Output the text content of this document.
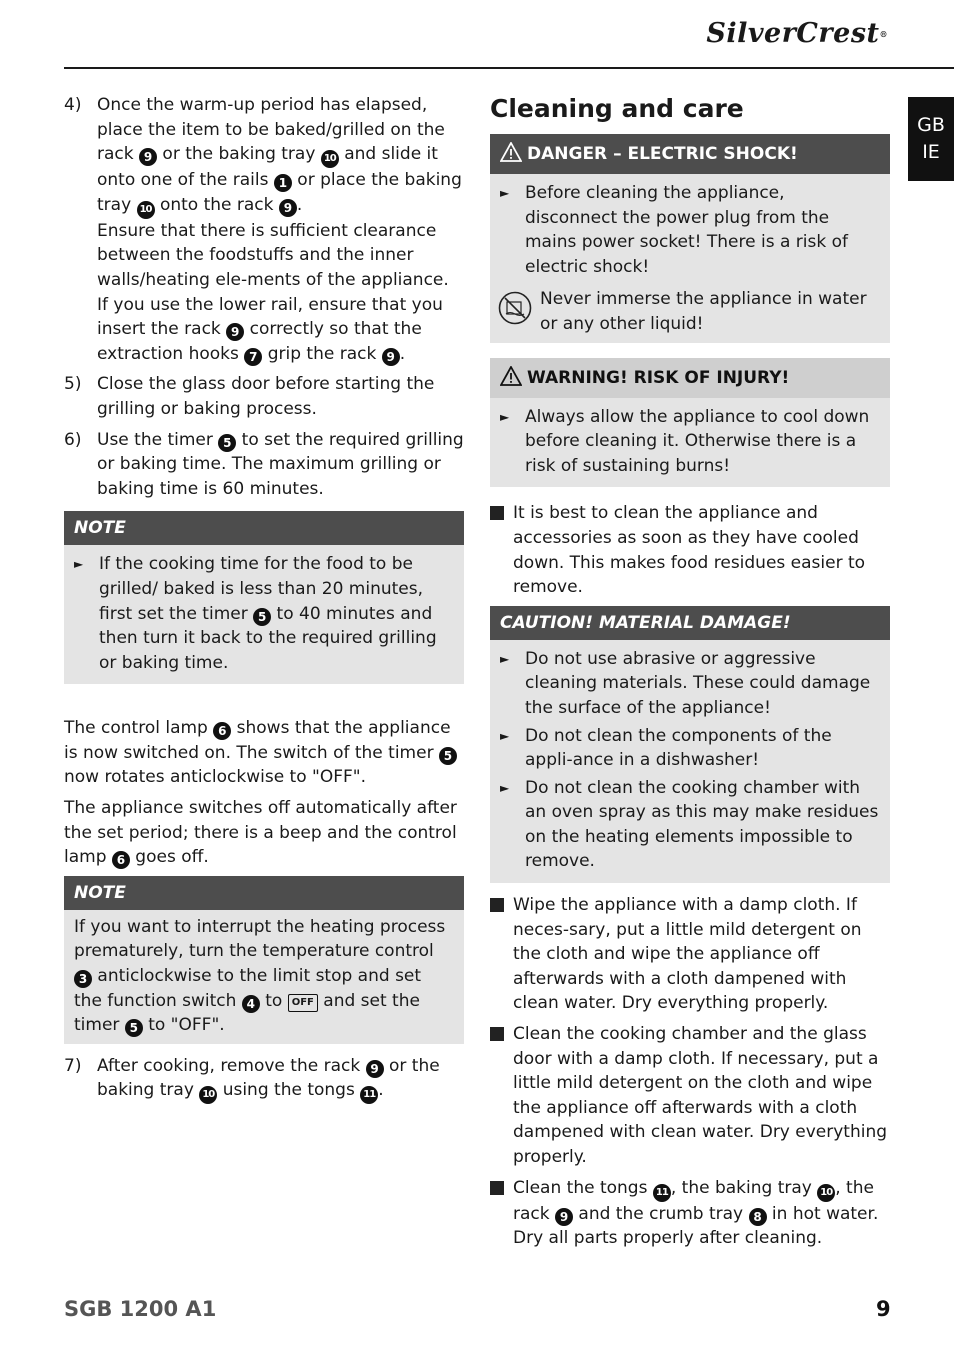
SilverCrest®
GB
IE
4) Once the warm-up period has elapsed, place the item to be baked/grilled on the rack 9 or the baking tray 10 and slide it onto one of the rails 1 or place the baking tray 10 onto the rack 9 .
Ensure that there is sufficient clearance between the foodstuffs and the inner walls/heating ele-ments of the appliance.
If you use the lower rail, ensure that you insert the rack 9 correctly so that the extraction hooks 7 grip the rack 9 .
5) Close the glass door before starting the grilling or baking process.
6) Use the timer 5 to set the required grilling or baking time. The maximum grilling or baking time is 60 minutes.
NOTE
► If the cooking time for the food to be grilled/ baked is less than 20 minutes, first set the timer 5 to 40 minutes and then turn it back to the required grilling or baking time.
The control lamp 6 shows that the appliance is now switched on. The switch of the timer 5 now rotates anticlockwise to "OFF".
The appliance switches off automatically after the set period; there is a beep and the control lamp 6 goes off.
NOTE
If you want to interrupt the heating process prematurely, turn the temperature control 3 anticlockwise to the limit stop and set the function switch 4 to OFF and set the timer 5 to "OFF".
7) After cooking, remove the rack 9 or the baking tray 10 using the tongs 11 .
Cleaning and care
DANGER – ELECTRIC SHOCK!
► Before cleaning the appliance, disconnect the power plug from the mains power socket! There is a risk of electric shock!
Never immerse the appliance in water or any other liquid!
WARNING! RISK OF INJURY!
► Always allow the appliance to cool down before cleaning it. Otherwise there is a risk of sustaining burns!
It is best to clean the appliance and accessories as soon as they have cooled down. This makes food residues easier to remove.
CAUTION! MATERIAL DAMAGE!
► Do not use abrasive or aggressive cleaning materials. These could damage the surface of the appliance!
► Do not clean the components of the appli-ance in a dishwasher!
► Do not clean the cooking chamber with an oven spray as this may make residues on the heating elements impossible to remove.
Wipe the appliance with a damp cloth. If neces-sary, put a little mild detergent on the cloth and wipe the appliance off afterwards with a cloth dampened with clean water. Dry everything properly.
Clean the cooking chamber and the glass door with a damp cloth. If necessary, put a little mild detergent on the cloth and wipe the appliance off afterwards with a cloth dampened with clean water. Dry everything properly.
Clean the tongs 11 , the baking tray 10 , the rack 9 and the crumb tray 8 in hot water. Dry all parts properly after cleaning.
SGB 1200 A1	9
